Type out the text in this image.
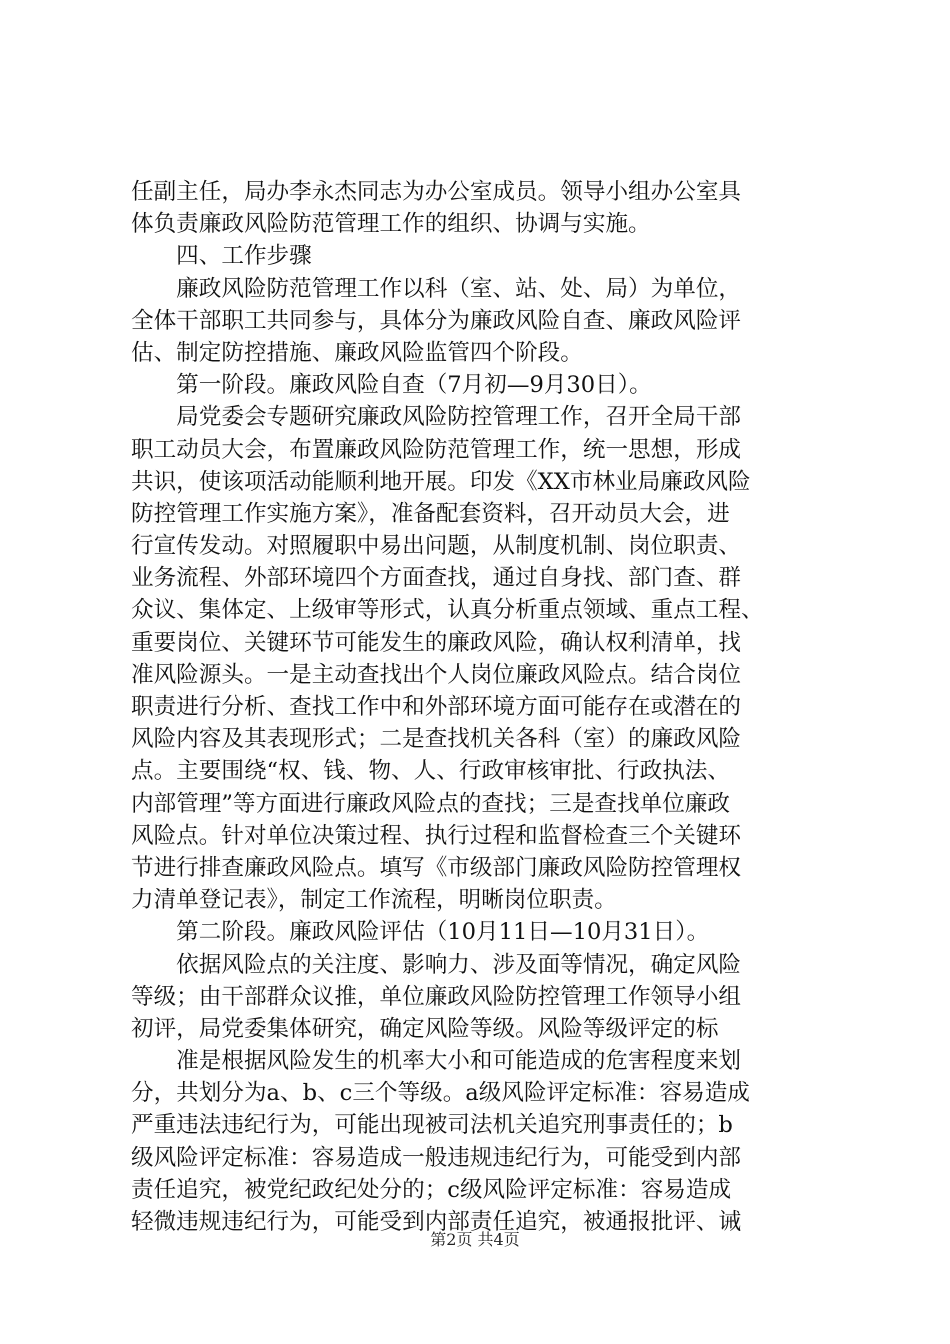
任副主任，局办李永杰同志为办公室成员。领导小组办公室具
体负责廉政风险防范管理工作的组织、协调与实施。
　　四、工作步骤
　　廉政风险防范管理工作以科（室、站、处、局）为单位，
全体干部职工共同参与，具体分为廉政风险自查、廉政风险评
估、制定防控措施、廉政风险监管四个阶段。
　　第一阶段。廉政风险自查（7月初—9月30日）。
　　局党委会专题研究廉政风险防控管理工作，召开全局干部
职工动员大会，布置廉政风险防范管理工作，统一思想，形成
共识，使该项活动能顺利地开展。印发《XX市林业局廉政风险
防控管理工作实施方案》，准备配套资料，召开动员大会，进
行宣传发动。对照履职中易出问题，从制度机制、岗位职责、
业务流程、外部环境四个方面查找，通过自身找、部门查、群
众议、集体定、上级审等形式，认真分析重点领域、重点工程、
重要岗位、关键环节可能发生的廉政风险，确认权利清单，找
准风险源头。一是主动查找出个人岗位廉政风险点。结合岗位
职责进行分析、查找工作中和外部环境方面可能存在或潜在的
风险内容及其表现形式；二是查找机关各科（室）的廉政风险
点。主要围绕“权、钱、物、人、行政审核审批、行政执法、
内部管理”等方面进行廉政风险点的查找；三是查找单位廉政
风险点。针对单位决策过程、执行过程和监督检查三个关键环
节进行排查廉政风险点。填写《市级部门廉政风险防控管理权
力清单登记表》，制定工作流程，明晰岗位职责。
　　第二阶段。廉政风险评估（10月11日—10月31日）。
　　依据风险点的关注度、影响力、涉及面等情况，确定风险
等级；由干部群众议推，单位廉政风险防控管理工作领导小组
初评，局党委集体研究，确定风险等级。风险等级评定的标
　　准是根据风险发生的机率大小和可能造成的危害程度来划
分，共划分为a、b、c三个等级。a级风险评定标准：容易造成
严重违法违纪行为，可能出现被司法机关追究刑事责任的；b
级风险评定标准：容易造成一般违规违纪行为，可能受到内部
责任追究，被党纪政纪处分的；c级风险评定标准：容易造成
轻微违规违纪行为，可能受到内部责任追究，被通报批评、诫
第2页 共4页
